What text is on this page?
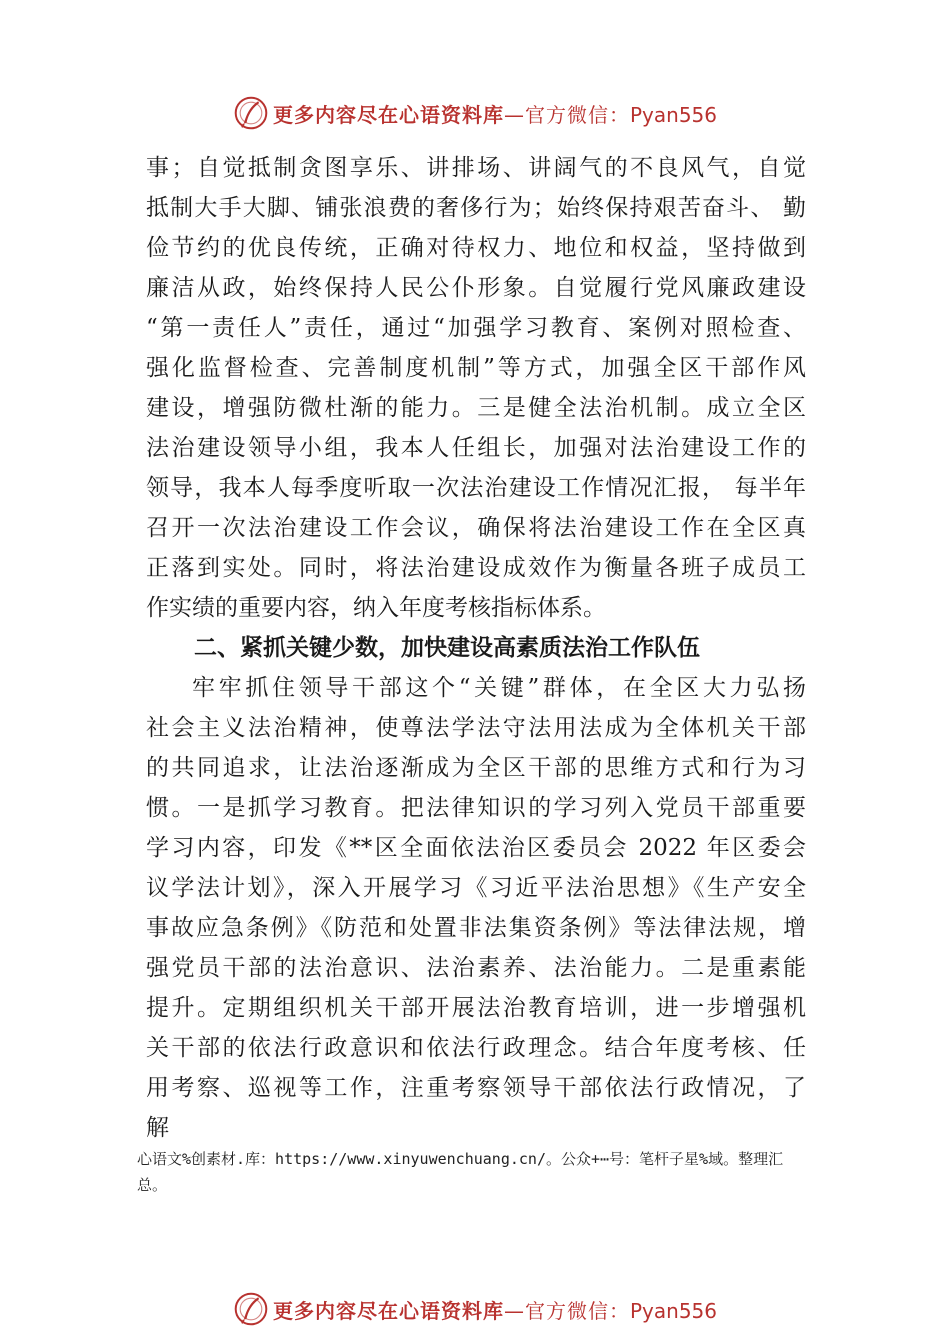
更多内容尽在心语资料库—官方微信：Pyan556
事；自觉抵制贪图享乐、讲排场、讲阔气的不良风气，自觉
抵制大手大脚、铺张浪费的奢侈行为；始终保持艰苦奋斗、 勤
俭节约的优良传统，正确对待权力、地位和权益，坚持做到
廉洁从政，始终保持人民公仆形象。自觉履行党风廉政建设
“第一责任人”责任，通过“加强学习教育、案例对照检查、
强化监督检查、完善制度机制”等方式，加强全区干部作风
建设，增强防微杜渐的能力。三是健全法治机制。成立全区
法治建设领导小组，我本人任组长，加强对法治建设工作的
领导，我本人每季度听取一次法治建设工作情况汇报， 每半年
召开一次法治建设工作会议，确保将法治建设工作在全区真
正落到实处。同时，将法治建设成效作为衡量各班子成员工
作实绩的重要内容，纳入年度考核指标体系。
二、紧抓关键少数，加快建设高素质法治工作队伍
牢牢抓住领导干部这个“关键”群体，在全区大力弘扬
社会主义法治精神，使尊法学法守法用法成为全体机关干部
的共同追求，让法治逐渐成为全区干部的思维方式和行为习
惯。一是抓学习教育。把法律知识的学习列入党员干部重要
学习内容，印发《**区全面依法治区委员会 2022 年区委会
议学法计划》，深入开展学习《习近平法治思想》《生产安全
事故应急条例》《防范和处置非法集资条例》等法律法规，增
强党员干部的法治意识、法治素养、法治能力。二是重素能
提升。定期组织机关干部开展法治教育培训，进一步增强机
关干部的依法行政意识和依法行政理念。结合年度考核、任
用考察、巡视等工作，注重考察领导干部依法行政情况，了
解
心语文%创素材.库：https://www.xinyuwenchuang.cn/。公众+⋯号：笔杆子星%域。整理汇
总。
更多内容尽在心语资料库—官方微信：Pyan556
